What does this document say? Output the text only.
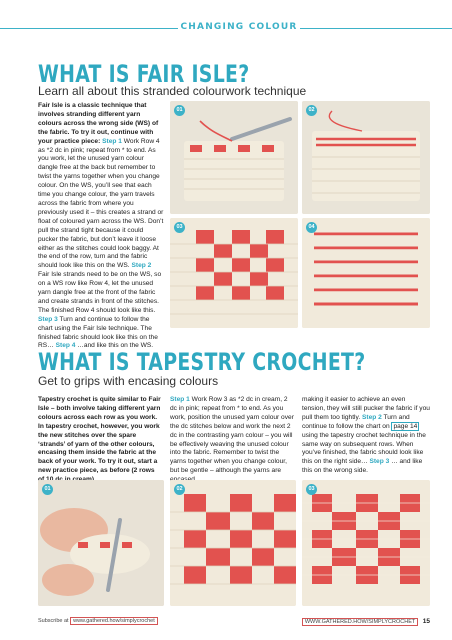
CHANGING COLOUR
WHAT IS FAIR ISLE?
Learn all about this stranded colourwork technique
Fair Isle is a classic technique that involves stranding different yarn colours across the wrong side (WS) of the fabric. To try it out, continue with your practice piece: Step 1 Work Row 4 as *2 dc in pink; repeat from * to end. As you work, let the unused yarn colour dangle free at the back but remember to twist the yarns together when you change colour. On the WS, you’ll see that each time you change colour, the yarn travels across the fabric from where you previously used it – this creates a strand or float of coloured yarn across the WS. Don’t pull the strand tight because it could pucker the fabric, but don’t leave it loose either as the stitches could look baggy. At the end of the row, turn and the fabric should look like this on the WS. Step 2 Fair Isle strands need to be on the WS, so on a WS row like Row 4, let the unused yarn dangle free at the front of the fabric and create strands in front of the stitches. The finished Row 4 should look like this. Step 3 Turn and continue to follow the chart using the Fair Isle technique. The finished fabric should look like this on the RS… Step 4 …and like this on the WS.
01	02
03	04
WHAT IS TAPESTRY CROCHET?
Get to grips with encasing colours
Tapestry crochet is quite similar to Fair Isle – both involve taking different yarn colours across each row as you work. In tapestry crochet, however, you work the new stitches over the spare ‘strands’ of yarn of the other colours, encasing them inside the fabric at the back of your work. To try it out, start a new practice piece, as before (2 rows
Step 1 Work Row 3 as *2 dc in cream, 2 dc in pink; repeat from * to end. As you work, position the unused yarn colour over the dc stitches below and work the next 2 dc in the contrasting yarn colour – you will be effectively weaving the unused colour into the fabric. Remember to twist the yarns together when you change colour, but be gentle – although the yarns are
making it easier to achieve an even tension, they will still pucker the fabric if you pull them too tightly. Step 2 Turn and continue to follow the chart on page 14 using the tapestry crochet technique in the same way on subsequent rows. When you’ve finished, the fabric should look like this on the right side… Step 3 … and like this on the wrong side.
01	02	03
Subscribe at www.gathered.how/simplycrochet	WWW.GATHERED.HOW/SIMPLYCROCHET 15
